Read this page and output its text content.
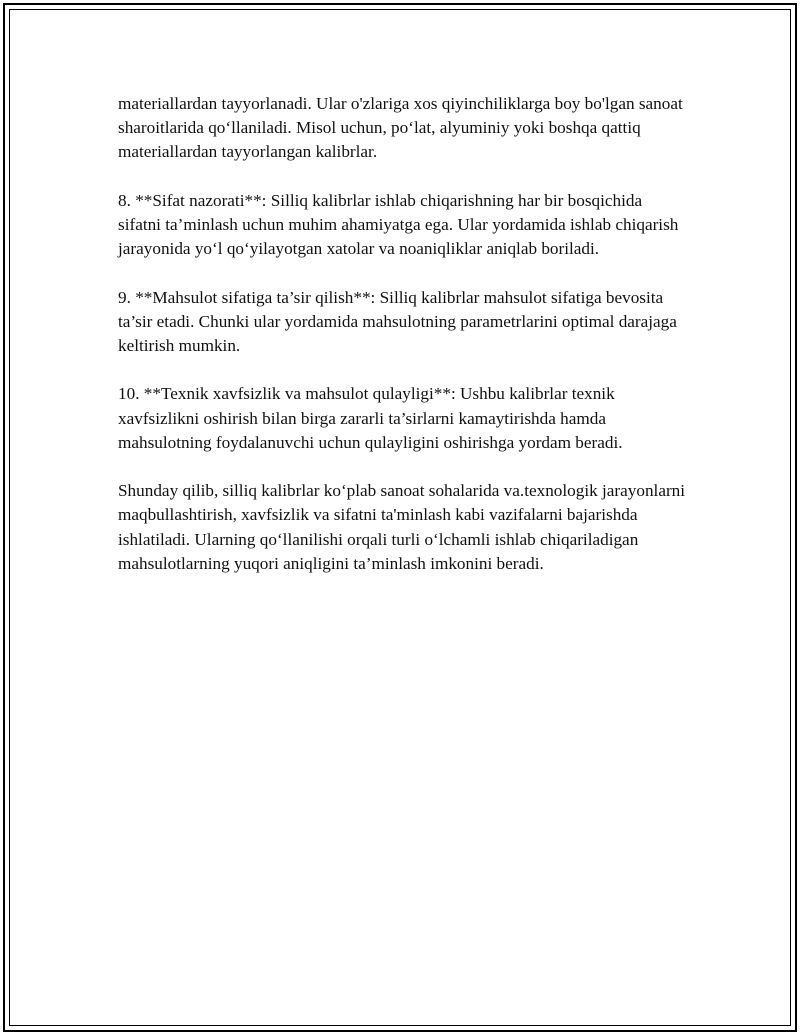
materiallardan tayyorlanadi. Ular o'zlariga xos qiyinchiliklarga boy bo'lgan sanoat sharoitlarida qo‘llaniladi. Misol uchun, po‘lat, alyuminiy yoki boshqa qattiq materiallardan tayyorlangan kalibrlar.

8. **Sifat nazorati**: Silliq kalibrlar ishlab chiqarishning har bir bosqichida sifatni ta’minlash uchun muhim ahamiyatga ega. Ular yordamida ishlab chiqarish jarayonida yo‘l qo‘yilayotgan xatolar va noaniqliklar aniqlab boriladi.

9. **Mahsulot sifatiga ta’sir qilish**: Silliq kalibrlar mahsulot sifatiga bevosita ta’sir etadi. Chunki ular yordamida mahsulotning parametrlarini optimal darajaga keltirish mumkin.

10. **Texnik xavfsizlik va mahsulot qulayligi**: Ushbu kalibrlar texnik xavfsizlikni oshirish bilan birga zararli ta’sirlarni kamaytirishda hamda mahsulotning foydalanuvchi uchun qulayligini oshirishga yordam beradi.

Shunday qilib, silliq kalibrlar ko‘plab sanoat sohalarida va.texnologik jarayonlarni maqbullashtirish, xavfsizlik va sifatni ta'minlash kabi vazifalarni bajarishda ishlatiladi. Ularning qo‘llanilishi orqali turli o‘lchamli ishlab chiqariladigan mahsulotlarning yuqori aniqligini ta’minlash imkonini beradi.
